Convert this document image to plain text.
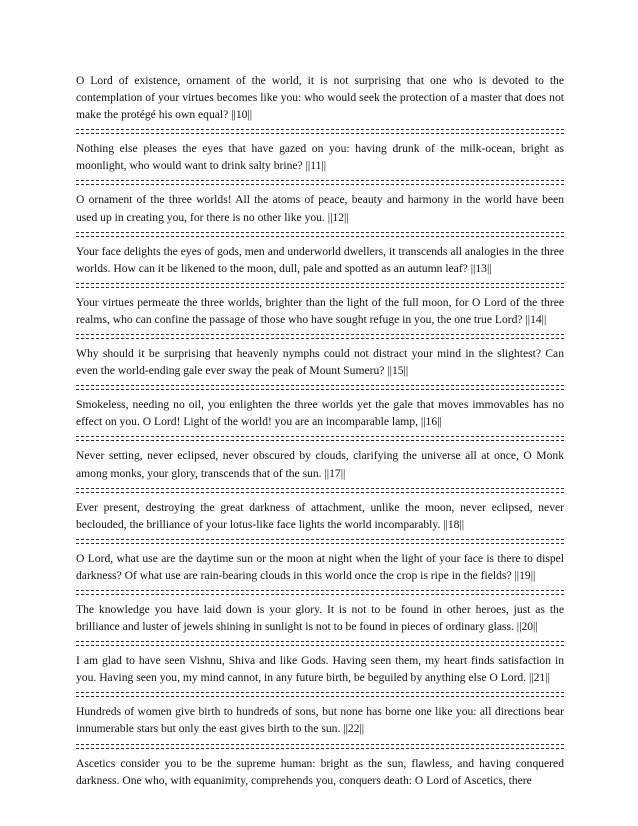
O Lord of existence, ornament of the world, it is not surprising that one who is devoted to the contemplation of your virtues becomes like you: who would seek the protection of a master that does not make the protégé his own equal? ||10||

Nothing else pleases the eyes that have gazed on you: having drunk of the milk-ocean, bright as moonlight, who would want to drink salty brine? ||11||

O ornament of the three worlds! All the atoms of peace, beauty and harmony in the world have been used up in creating you, for there is no other like you. ||12||

Your face delights the eyes of gods, men and underworld dwellers, it transcends all analogies in the three worlds. How can it be likened to the moon, dull, pale and spotted as an autumn leaf? ||13||

Your virtues permeate the three worlds, brighter than the light of the full moon, for O Lord of the three realms, who can confine the passage of those who have sought refuge in you, the one true Lord? ||14||

Why should it be surprising that heavenly nymphs could not distract your mind in the slightest? Can even the world-ending gale ever sway the peak of Mount Sumeru? ||15||

Smokeless, needing no oil, you enlighten the three worlds yet the gale that moves immovables has no effect on you. O Lord! Light of the world! you are an incomparable lamp, ||16||

Never setting, never eclipsed, never obscured by clouds, clarifying the universe all at once, O Monk among monks, your glory, transcends that of the sun. ||17||

Ever present, destroying the great darkness of attachment, unlike the moon, never eclipsed, never beclouded, the brilliance of your lotus-like face lights the world incomparably. ||18||

O Lord, what use are the daytime sun or the moon at night when the light of your face is there to dispel darkness? Of what use are rain-bearing clouds in this world once the crop is ripe in the fields? ||19||

The knowledge you have laid down is your glory. It is not to be found in other heroes, just as the brilliance and luster of jewels shining in sunlight is not to be found in pieces of ordinary glass. ||20||

I am glad to have seen Vishnu, Shiva and like Gods. Having seen them, my heart finds satisfaction in you. Having seen you, my mind cannot, in any future birth, be beguiled by anything else O Lord. ||21||

Hundreds of women give birth to hundreds of sons, but none has borne one like you: all directions bear innumerable stars but only the east gives birth to the sun. ||22||

Ascetics consider you to be the supreme human: bright as the sun, flawless, and having conquered darkness. One who, with equanimity, comprehends you, conquers death: O Lord of Ascetics, there
